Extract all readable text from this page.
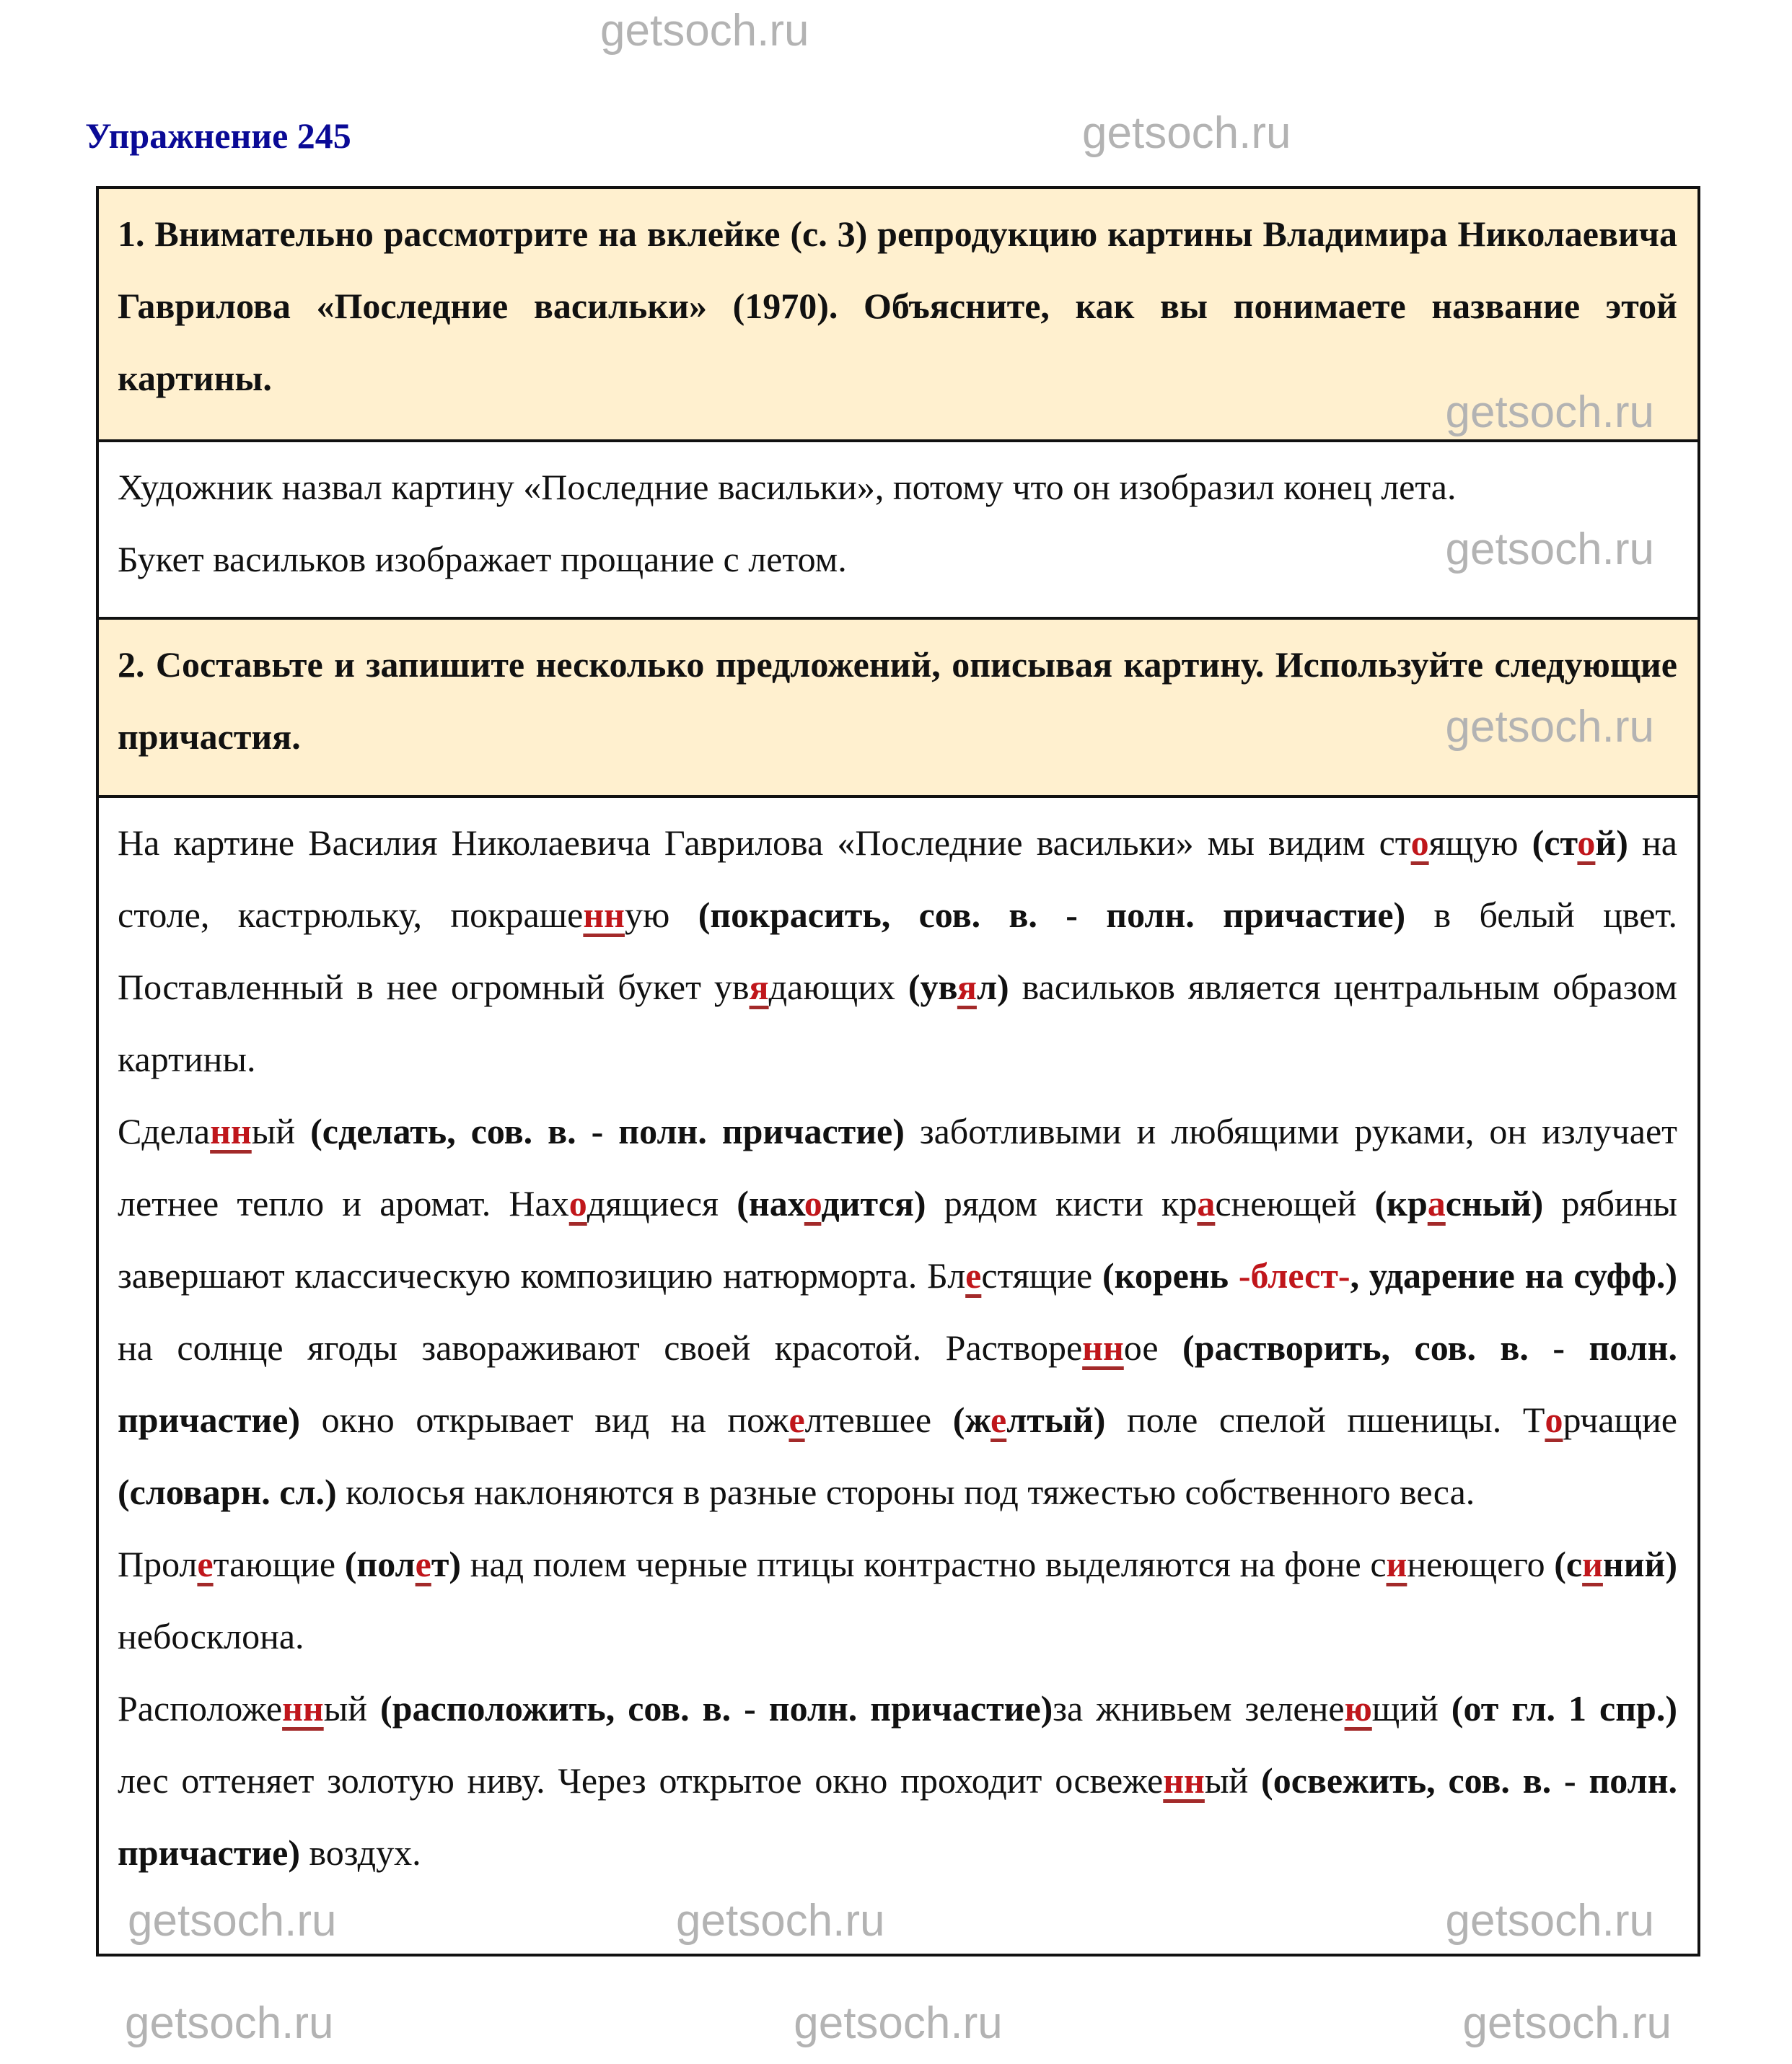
getsoch.ru
getsoch.ru
Упражнение 245

1. Внимательно рассмотрите на вклейке (с. 3) репродукцию картины Владимира Николаевича Гаврилова «Последние васильки» (1970). Объясните, как вы понимаете название этой картины.

getsoch.ru

Художник назвал картину «Последние васильки», потому что он изобразил конец лета.

Букет васильков изображает прощание с летом.	getsoch.ru

2. Составьте и запишите несколько предложений, описывая картину. Используйте следующие причастия.	getsoch.ru

На картине Василия Николаевича Гаврилова «Последние васильки» мы видим стоящую (стой) на столе, кастрюльку, покрашенную (покрасить, сов. в. - полн. причастие) в белый цвет. Поставленный в нее огромный букет увядающих (увял) васильков является центральным образом картины.

Сделанный (сделать, сов. в. - полн. причастие) заботливыми и любящими руками, он излучает летнее тепло и аромат. Находящиеся (находится) рядом кисти краснеющей (красный) рябины завершают классическую композицию натюрморта. Блестящие (корень -блест-, ударение на суфф.) на солнце ягоды завораживают своей красотой. Растворенное (растворить, сов. в. - полн. причастие) окно открывает вид на пожелтевшее (желтый) поле спелой пшеницы. Торчащие (словарн. сл.) колосья наклоняются в разные стороны под тяжестью собственного веса.

Пролетающие (полет) над полем черные птицы контрастно выделяются на фоне синеющего (синий) небосклона.

Расположенный (расположить, сов. в. - полн. причастие)за жнивьем зеленеющий (от гл. 1 спр.) лес оттеняет золотую ниву. Через открытое окно проходит освеженный (освежить, сов. в. - полн. причастие) воздух.

getsoch.ru	getsoch.ru	getsoch.ru
getsoch.ru	getsoch.ru	getsoch.ru
